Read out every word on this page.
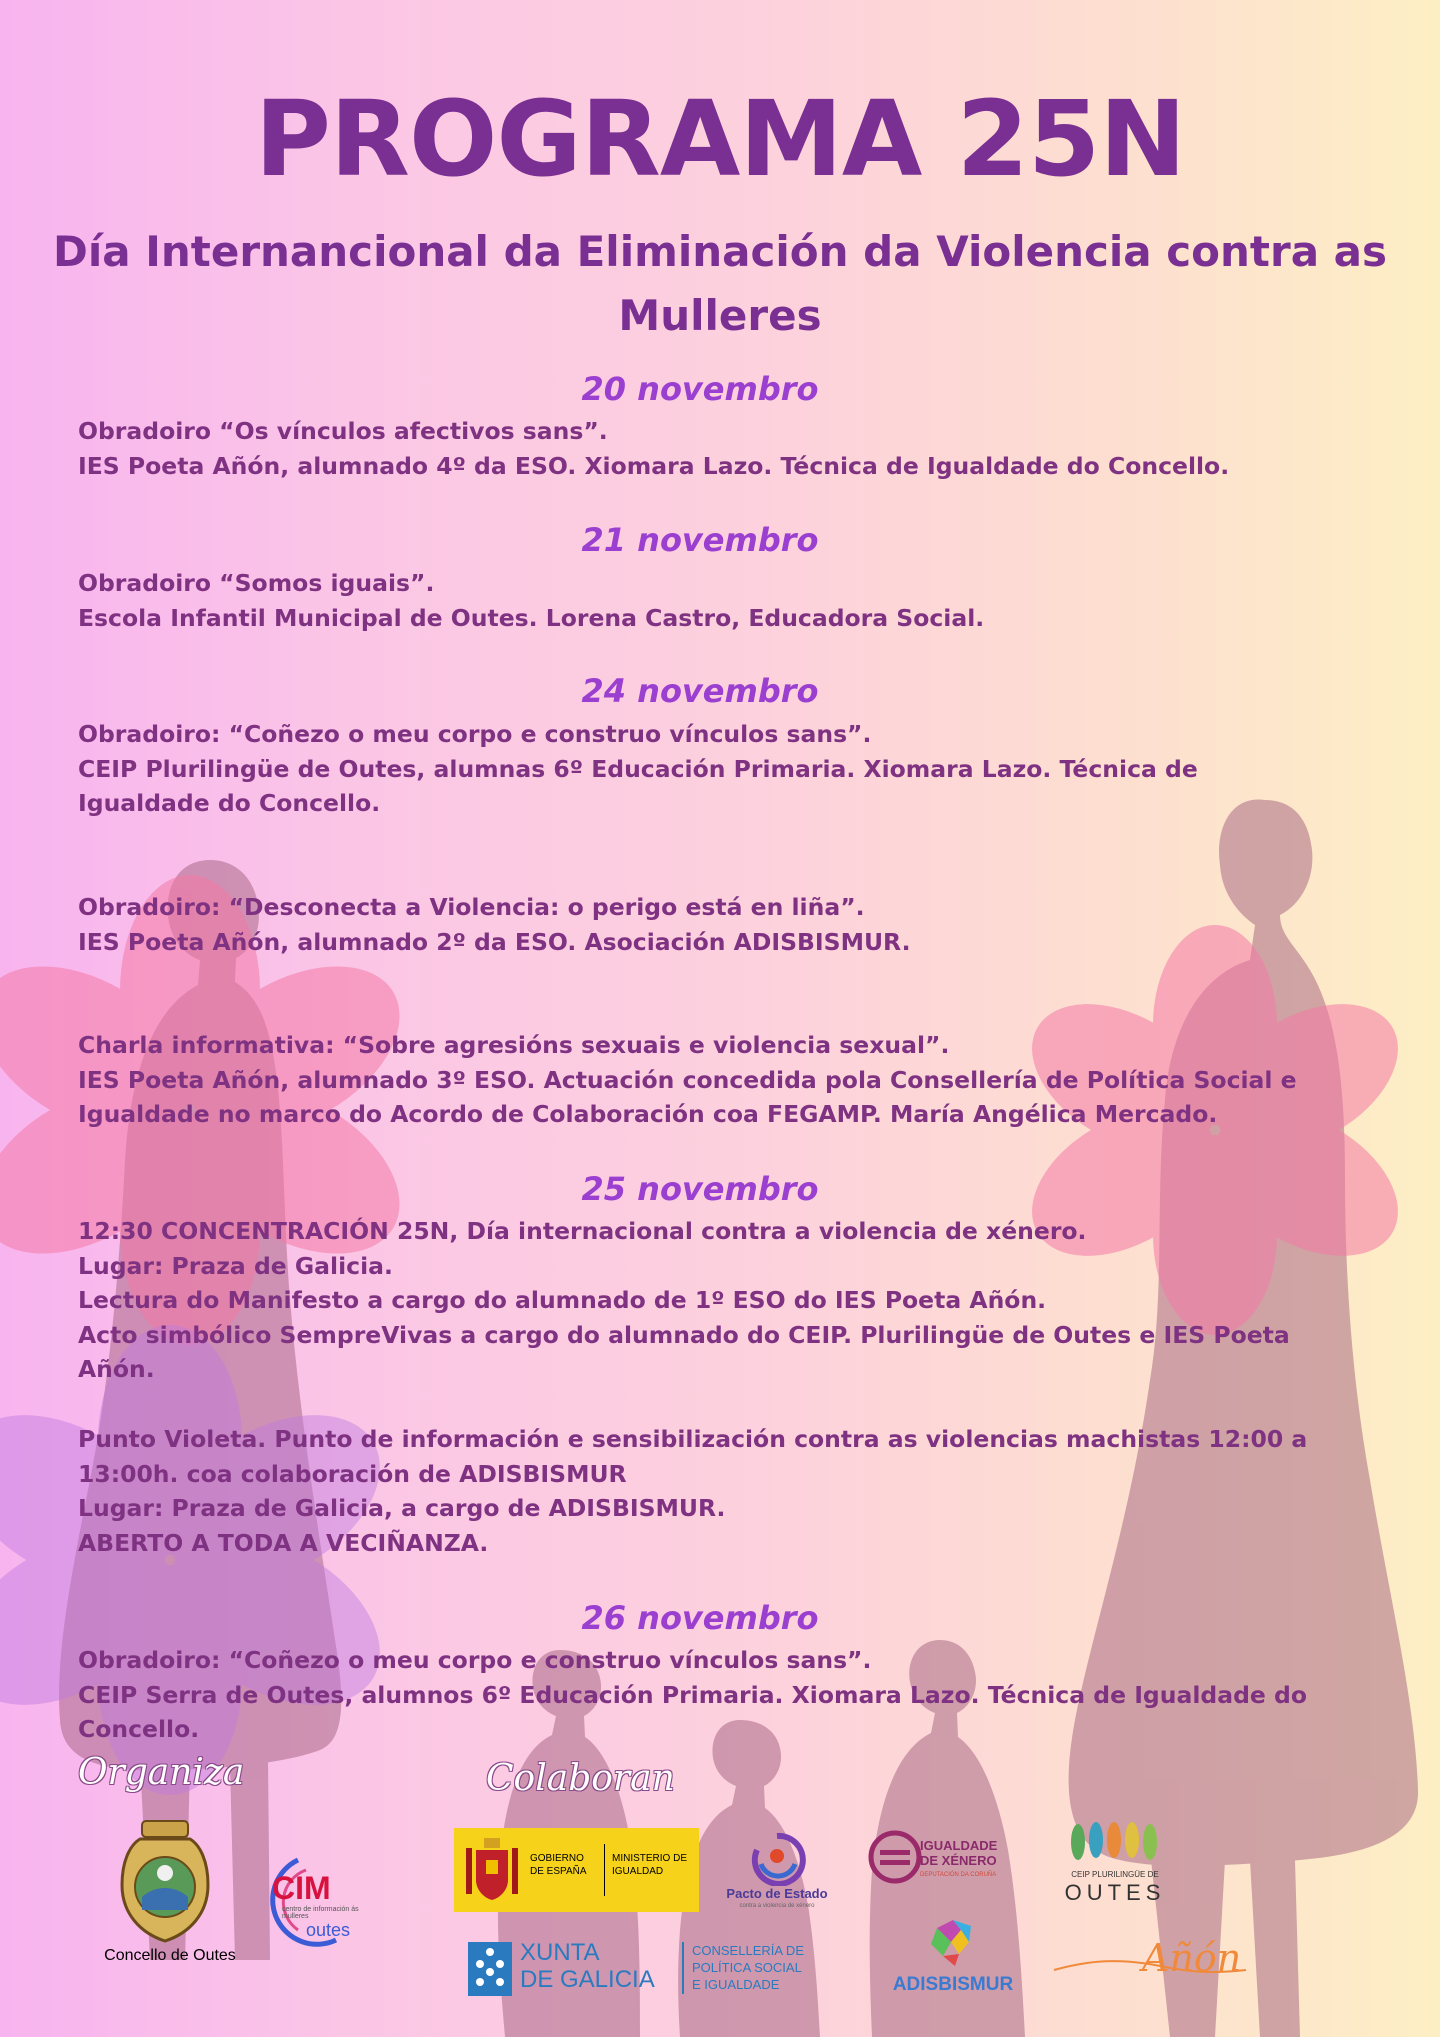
PROGRAMA 25N
Día Internancional da Eliminación da Violencia contra as Mulleres
20 novembro

Obradoiro “Os vínculos afectivos sans”.

IES Poeta Añón, alumnado 4º da ESO. Xiomara Lazo. Técnica de Igualdade do Concello.

21 novembro

Obradoiro “Somos iguais”.

Escola Infantil Municipal de Outes. Lorena Castro, Educadora Social.

24 novembro

Obradoiro: “Coñezo o meu corpo e construo vínculos sans”.

CEIP Plurilingüe de Outes, alumnas 6º Educación Primaria. Xiomara Lazo. Técnica de

Igualdade do Concello.

Obradoiro: “Desconecta a Violencia: o perigo está en liña”.

IES Poeta Añón, alumnado 2º da ESO. Asociación ADISBISMUR.

Charla informativa: “Sobre agresións sexuais e violencia sexual”.

IES Poeta Añón, alumnado 3º ESO. Actuación concedida pola Consellería de Política Social e

Igualdade no marco do Acordo de Colaboración coa FEGAMP. María Angélica Mercado.

25 novembro

12:30 CONCENTRACIÓN 25N, Día internacional contra a violencia de xénero.

Lugar: Praza de Galicia.

Lectura do Manifesto a cargo do alumnado de 1º ESO do IES Poeta Añón.

Acto simbólico SempreVivas a cargo do alumnado do CEIP. Plurilingüe de Outes e IES Poeta

Añón.

Punto Violeta. Punto de información e sensibilización contra as violencias machistas 12:00 a

13:00h. coa colaboración de ADISBISMUR

Lugar: Praza de Galicia, a cargo de ADISBISMUR.

ABERTO A TODA A VECIÑANZA.

26 novembro

Obradoiro: “Coñezo o meu corpo e construo vínculos sans”.

CEIP Serra de Outes, alumnos 6º Educación Primaria. Xiomara Lazo. Técnica de Igualdade do

Concello.

Organiza	Colaboran
Concello de Outes
CIM
centro de información ás mulleres
outes
GOBIERNO DE ESPAÑA
MINISTERIO DE IGUALDAD
Pacto de Estado
contra a violencia de xénero
IGUALDADE DE XÉNERO
DEPUTACIÓN DA CORUÑA	CEIP PLURILINGÜE DE
OUTES
XUNTA
DE GALICIA
CONSELLERÍA DE
POLÍTICA SOCIAL
E IGUALDADE	ADISBISMUR
Añón
